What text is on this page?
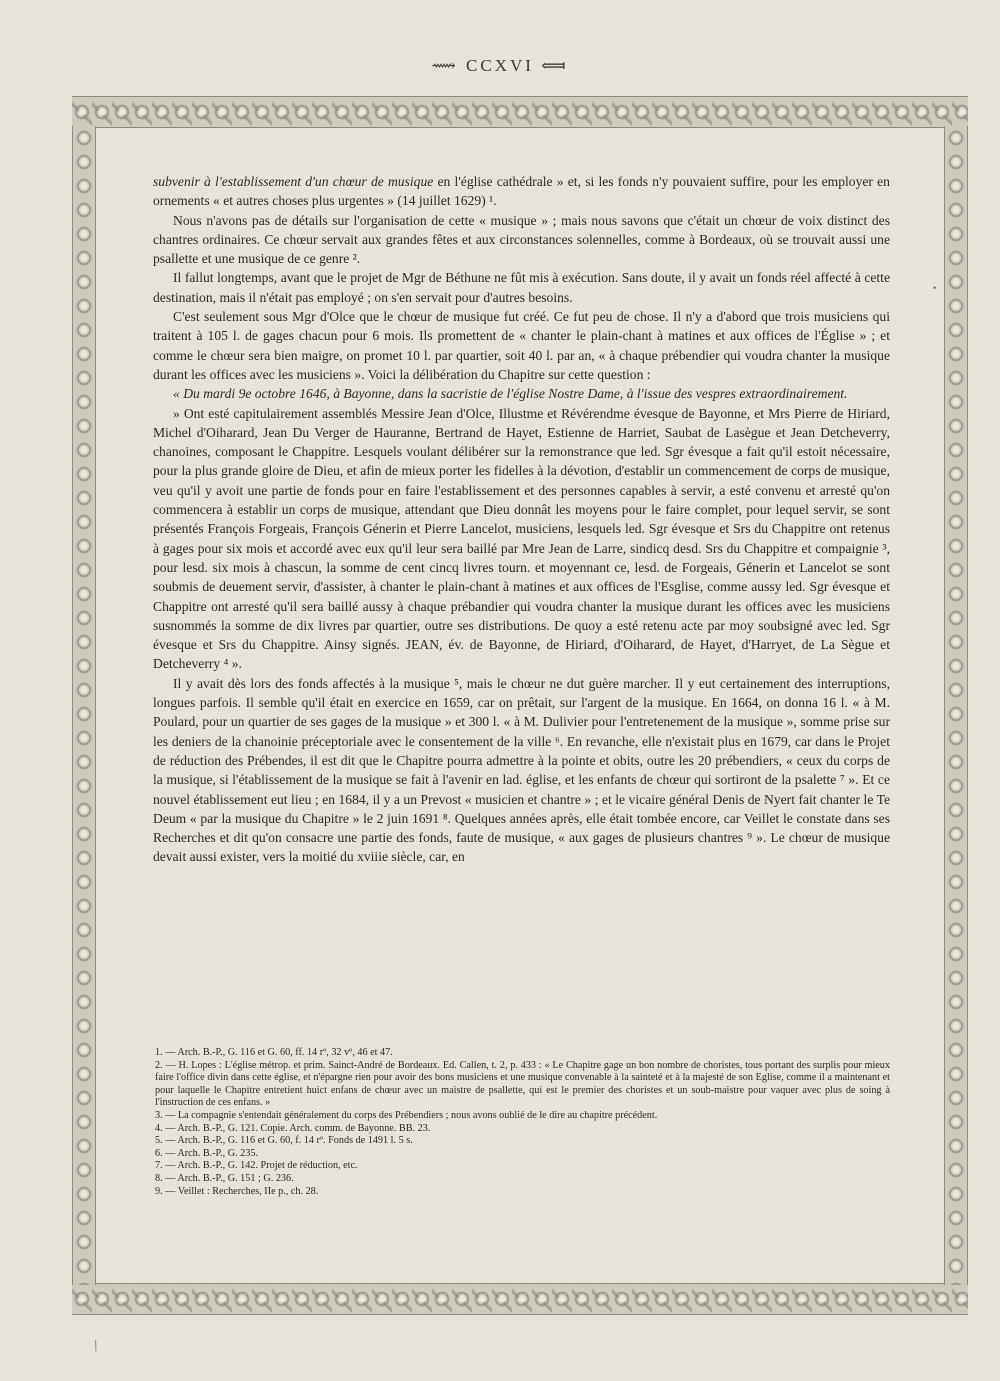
⟿ CCXVI ⟽

subvenir à l'establissement d'un chœur de musique en l'église cathédrale » et, si les fonds n'y pouvaient suffire, pour les employer en ornements « et autres choses plus urgentes » (14 juillet 1629) ¹.

Nous n'avons pas de détails sur l'organisation de cette « musique » ; mais nous savons que c'était un chœur de voix distinct des chantres ordinaires. Ce chœur servait aux grandes fêtes et aux circonstances solennelles, comme à Bordeaux, où se trouvait aussi une psallette et une musique de ce genre ².

Il fallut longtemps, avant que le projet de Mgr de Béthune ne fût mis à exécution. Sans doute, il y avait un fonds réel affecté à cette destination, mais il n'était pas employé ; on s'en servait pour d'autres besoins.

C'est seulement sous Mgr d'Olce que le chœur de musique fut créé. Ce fut peu de chose. Il n'y a d'abord que trois musiciens qui traitent à 105 l. de gages chacun pour 6 mois. Ils promettent de « chanter le plain-chant à matines et aux offices de l'Église » ; et comme le chœur sera bien maigre, on promet 10 l. par quartier, soit 40 l. par an, « à chaque prébendier qui voudra chanter la musique durant les offices avec les musiciens ». Voici la délibération du Chapitre sur cette question :

« Du mardi 9e octobre 1646, à Bayonne, dans la sacristie de l'église Nostre Dame, à l'issue des vespres extraordinairement.

» Ont esté capitulairement assemblés Messire Jean d'Olce, Illustme et Révérendme évesque de Bayonne, et Mrs Pierre de Hiriard, Michel d'Oiharard, Jean Du Verger de Hauranne, Bertrand de Hayet, Estienne de Harriet, Saubat de Lasègue et Jean Detcheverry, chanoines, composant le Chappitre. Lesquels voulant délibérer sur la remonstrance que led. Sgr évesque a fait qu'il estoit nécessaire, pour la plus grande gloire de Dieu, et afin de mieux porter les fidelles à la dévotion, d'establir un commencement de corps de musique, veu qu'il y avoit une partie de fonds pour en faire l'establissement et des personnes capables à servir, a esté convenu et arresté qu'on commencera à establir un corps de musique, attendant que Dieu donnât les moyens pour le faire complet, pour lequel servir, se sont présentés François Forgeais, François Génerin et Pierre Lancelot, musiciens, lesquels led. Sgr évesque et Srs du Chappitre ont retenus à gages pour six mois et accordé avec eux qu'il leur sera baillé par Mre Jean de Larre, sindicq desd. Srs du Chappitre et compaignie ³, pour lesd. six mois à chascun, la somme de cent cincq livres tourn. et moyennant ce, lesd. de Forgeais, Génerin et Lancelot se sont soubmis de deuement servir, d'assister, à chanter le plain-chant à matines et aux offices de l'Esglise, comme aussy led. Sgr évesque et Chappitre ont arresté qu'il sera baillé aussy à chaque prébandier qui voudra chanter la musique durant les offices avec les musiciens susnommés la somme de dix livres par quartier, outre ses distributions. De quoy a esté retenu acte par moy soubsigné avec led. Sgr évesque et Srs du Chappitre. Ainsy signés. JEAN, év. de Bayonne, de Hiriard, d'Oiharard, de Hayet, d'Harryet, de La Sègue et Detcheverry ⁴ ».

Il y avait dès lors des fonds affectés à la musique ⁵, mais le chœur ne dut guère marcher. Il y eut certainement des interruptions, longues parfois. Il semble qu'il était en exercice en 1659, car on prêtait, sur l'argent de la musique. En 1664, on donna 16 l. « à M. Poulard, pour un quartier de ses gages de la musique » et 300 l. « à M. Dulivier pour l'entretenement de la musique », somme prise sur les deniers de la chanoinie préceptoriale avec le consentement de la ville ⁶. En revanche, elle n'existait plus en 1679, car dans le Projet de réduction des Prébendes, il est dit que le Chapitre pourra admettre à la pointe et obits, outre les 20 prébendiers, « ceux du corps de la musique, si l'établissement de la musique se fait à l'avenir en lad. église, et les enfants de chœur qui sortiront de la psalette ⁷ ». Et ce nouvel établissement eut lieu ; en 1684, il y a un Prevost « musicien et chantre » ; et le vicaire général Denis de Nyert fait chanter le Te Deum « par la musique du Chapitre » le 2 juin 1691 ⁸. Quelques années après, elle était tombée encore, car Veillet le constate dans ses Recherches et dit qu'on consacre une partie des fonds, faute de musique, « aux gages de plusieurs chantres ⁹ ». Le chœur de musique devait aussi exister, vers la moitié du xviiie siècle, car, en

1. — Arch. B.-P., G. 116 et G. 60, ff. 14 rº, 32 vº, 46 et 47.
2. — H. Lopes : L'église métrop. et prim. Sainct-André de Bordeaux. Ed. Callen, t. 2, p. 433 : « Le Chapitre gage un bon nombre de choristes, tous portant des surplis pour mieux faire l'office divin dans cette église, et n'épargne rien pour avoir des bons musiciens et une musique convenable à la sainteté et à la majesté de son Eglise, comme il a maintenant et pour laquelle le Chapitre entretient huict enfans de chœur avec un maistre de psallette, qui est le premier des choristes et un soub-maistre pour vaquer avec plus de soing à l'instruction de ces enfans. »
3. — La compagnie s'entendait généralement du corps des Prébendiers ; nous avons oublié de le dire au chapitre précédent.
4. — Arch. B.-P., G. 121. Copie. Arch. comm. de Bayonne. BB. 23.
5. — Arch. B.-P., G. 116 et G. 60, f. 14 rº. Fonds de 1491 l. 5 s.
6. — Arch. B.-P., G. 235.
7. — Arch. B.-P., G. 142. Projet de réduction, etc.
8. — Arch. B.-P., G. 151 ; G. 236.
9. — Veillet : Recherches, IIe p., ch. 28.
•
/
